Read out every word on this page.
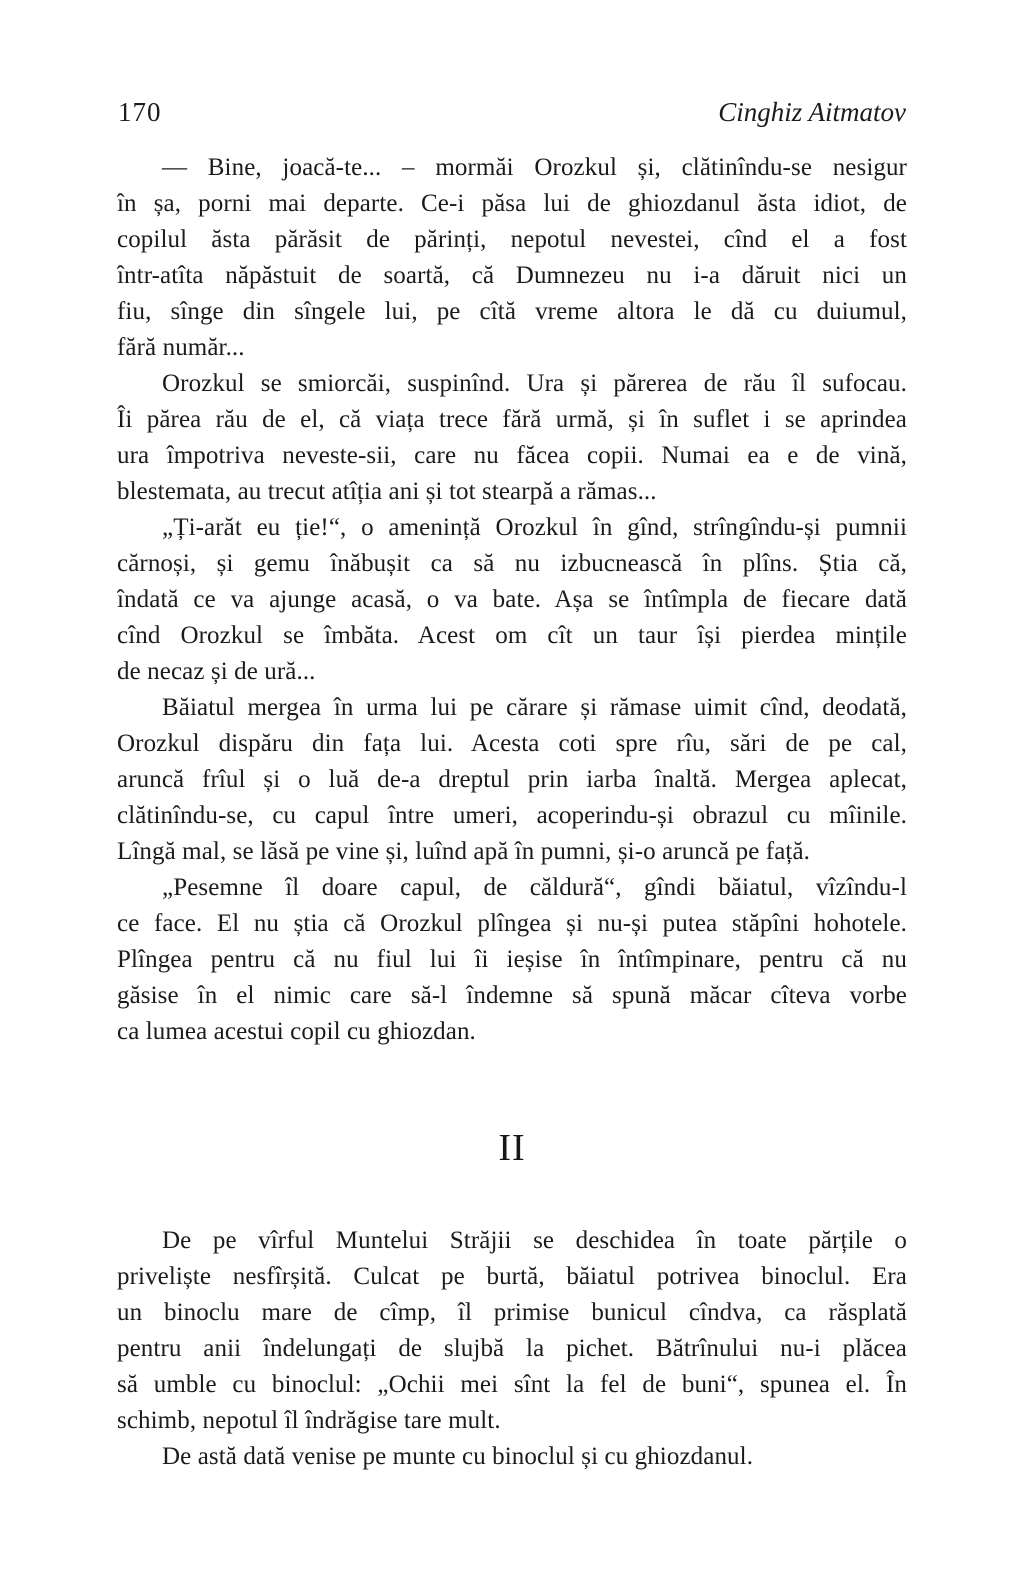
170	Cinghiz Aitmatov
— Bine, joacă-te... – mormăi Orozkul și, clătinîndu-se nesigur
în șa, porni mai departe. Ce-i păsa lui de ghiozdanul ăsta idiot, de
copilul ăsta părăsit de părinți, nepotul nevestei, cînd el a fost
într-atîta năpăstuit de soartă, că Dumnezeu nu i-a dăruit nici un
fiu, sînge din sîngele lui, pe cîtă vreme altora le dă cu duiumul,
fără număr...
Orozkul se smiorcăi, suspinînd. Ura și părerea de rău îl sufocau.
Îi părea rău de el, că viața trece fără urmă, și în suflet i se aprindea
ura împotriva neveste-sii, care nu făcea copii. Numai ea e de vină,
blestemata, au trecut atîția ani și tot stearpă a rămas...
„Ți-arăt eu ție!“, o amenință Orozkul în gînd, strîngîndu-și pumnii
cărnoși, și gemu înăbușit ca să nu izbucnească în plîns. Știa că,
îndată ce va ajunge acasă, o va bate. Așa se întîmpla de fiecare dată
cînd Orozkul se îmbăta. Acest om cît un taur își pierdea mințile
de necaz și de ură...
Băiatul mergea în urma lui pe cărare și rămase uimit cînd, deodată,
Orozkul dispăru din fața lui. Acesta coti spre rîu, sări de pe cal,
aruncă frîul și o luă de-a dreptul prin iarba înaltă. Mergea aplecat,
clătinîndu-se, cu capul între umeri, acoperindu-și obrazul cu mîinile.
Lîngă mal, se lăsă pe vine și, luînd apă în pumni, și-o aruncă pe față.
„Pesemne îl doare capul, de căldură“, gîndi băiatul, vîzîndu-l
ce face. El nu știa că Orozkul plîngea și nu-și putea stăpîni hohotele.
Plîngea pentru că nu fiul lui îi ieșise în întîmpinare, pentru că nu
găsise în el nimic care să-l îndemne să spună măcar cîteva vorbe
ca lumea acestui copil cu ghiozdan.
II
De pe vîrful Muntelui Străjii se deschidea în toate părțile o
priveliște nesfîrșită. Culcat pe burtă, băiatul potrivea binoclul. Era
un binoclu mare de cîmp, îl primise bunicul cîndva, ca răsplată
pentru anii îndelungați de slujbă la pichet. Bătrînului nu-i plăcea
să umble cu binoclul: „Ochii mei sînt la fel de buni“, spunea el. În
schimb, nepotul îl îndrăgise tare mult.
De astă dată venise pe munte cu binoclul și cu ghiozdanul.
